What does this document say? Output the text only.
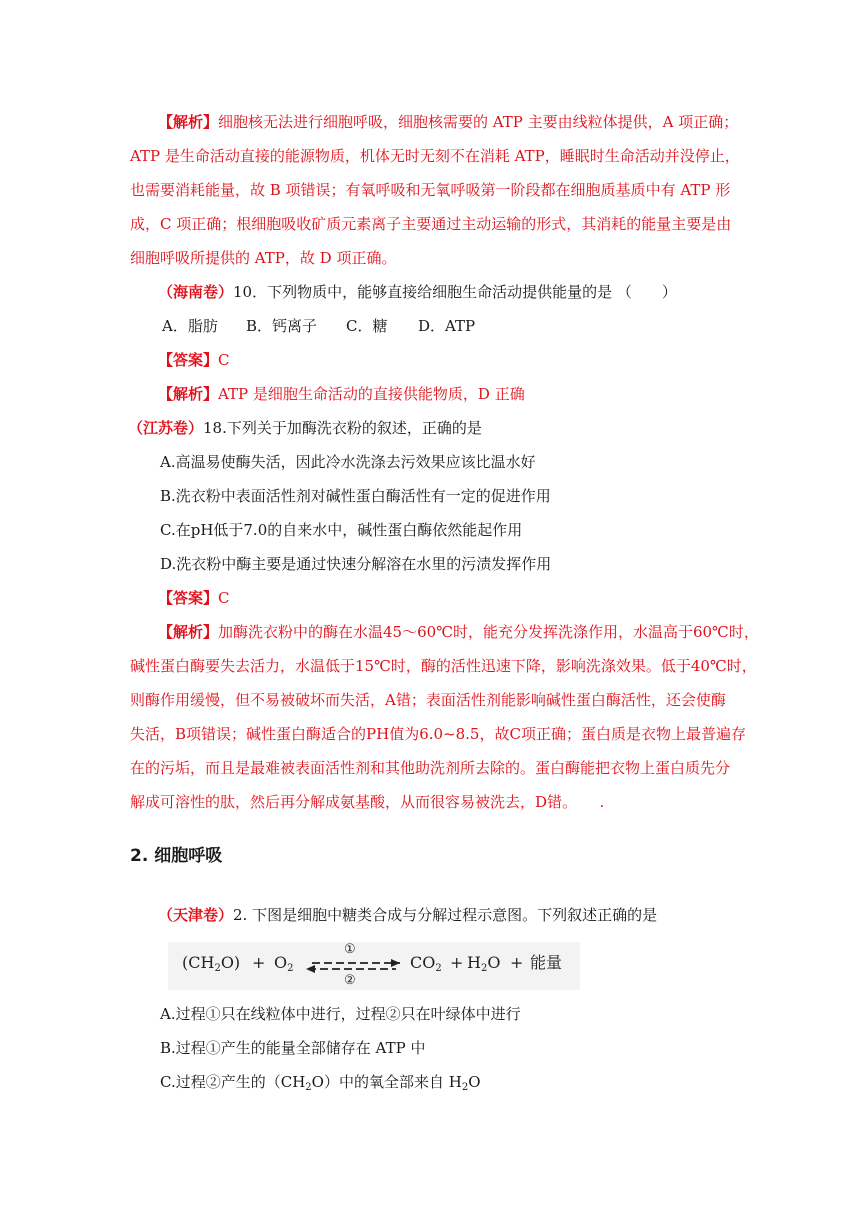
【解析】细胞核无法进行细胞呼吸，细胞核需要的 ATP 主要由线粒体提供，A 项正确；
ATP 是生命活动直接的能源物质，机体无时无刻不在消耗 ATP，睡眠时生命活动并没停止，
也需要消耗能量，故 B 项错误；有氧呼吸和无氧呼吸第一阶段都在细胞质基质中有 ATP 形
成，C 项正确；根细胞吸收矿质元素离子主要通过主动运输的形式，其消耗的能量主要是由
细胞呼吸所提供的 ATP，故 D 项正确。
（海南卷）10．下列物质中，能够直接给细胞生命活动提供能量的是 （　　）
A．脂肪 B．钙离子 C．糖 D．ATP
【答案】C
【解析】ATP 是细胞生命活动的直接供能物质，D 正确
（江苏卷）18.下列关于加酶洗衣粉的叙述，正确的是
A.高温易使酶失活，因此冷水洗涤去污效果应该比温水好
B.洗衣粉中表面活性剂对碱性蛋白酶活性有一定的促进作用
C.在pH低于7.0的自来水中，碱性蛋白酶依然能起作用
D.洗衣粉中酶主要是通过快速分解溶在水里的污渍发挥作用
【答案】C
【解析】加酶洗衣粉中的酶在水温45～60℃时，能充分发挥洗涤作用，水温高于60℃时，
碱性蛋白酶要失去活力，水温低于15℃时，酶的活性迅速下降，影响洗涤效果。低于40℃时，
则酶作用缓慢，但不易被破坏而失活，A错；表面活性剂能影响碱性蛋白酶活性，还会使酶
失活，B项错误；碱性蛋白酶适合的PH值为6.0~8.5，故C项正确；蛋白质是衣物上最普遍存
在的污垢，而且是最难被表面活性剂和其他助洗剂所去除的。蛋白酶能把衣物上蛋白质先分
解成可溶性的肽，然后再分解成氨基酸，从而很容易被洗去，D错。　　.
2. 细胞呼吸
（天津卷）2. 下图是细胞中糖类合成与分解过程示意图。下列叙述正确的是
$(CH_2O) + O_2$
①
②
$CO_2 + H_2O$ + 能量
A.过程①只在线粒体中进行，过程②只在叶绿体中进行
B.过程①产生的能量全部储存在 ATP 中
C.过程②产生的$(CH_2O)$中的氧全部来自 $H_2O$
